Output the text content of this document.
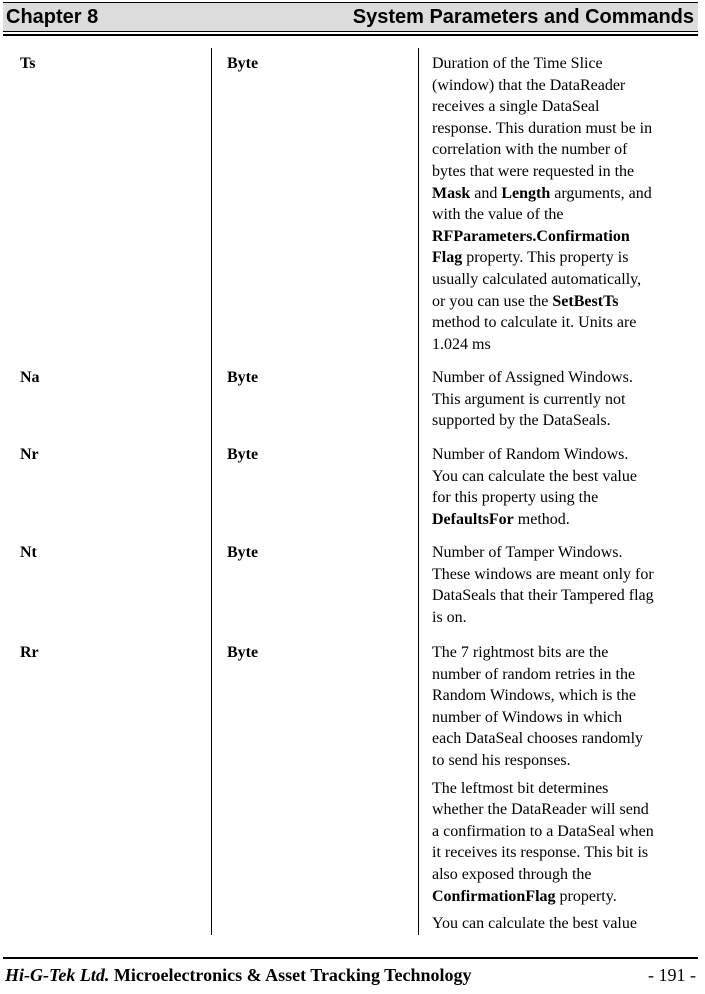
Chapter 8	System Parameters and Commands
Ts	Byte	Duration of the Time Slice
(window) that the DataReader
receives a single DataSeal
response. This duration must be in
correlation with the number of
bytes that were requested in the
Mask and Length arguments, and
with the value of the
RFParameters.Confirmation
Flag property. This property is
usually calculated automatically,
or you can use the SetBestTs
method to calculate it. Units are
1.024 ms
Na	Byte	Number of Assigned Windows.
This argument is currently not
supported by the DataSeals.
Nr	Byte	Number of Random Windows.
You can calculate the best value
for this property using the
DefaultsFor method.
Nt	Byte	Number of Tamper Windows.
These windows are meant only for
DataSeals that their Tampered flag
is on.
Rr	Byte	The 7 rightmost bits are the
number of random retries in the
Random Windows, which is the
number of Windows in which
each DataSeal chooses randomly
to send his responses.

The leftmost bit determines
whether the DataReader will send
a confirmation to a DataSeal when
it receives its response. This bit is
also exposed through the
ConfirmationFlag property.

You can calculate the best value

Hi-G-Tek Ltd. Microelectronics & Asset Tracking Technology	- 191 -
